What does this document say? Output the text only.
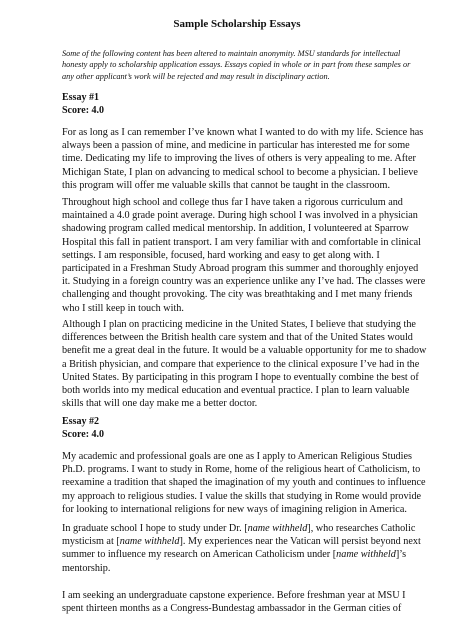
Sample Scholarship Essays
Some of the following content has been altered to maintain anonymity. MSU standards for intellectual
honesty apply to scholarship application essays. Essays copied in whole or in part from these samples or
any other applicant’s work will be rejected and may result in disciplinary action.
Essay #1
Score: 4.0
For as long as I can remember I’ve known what I wanted to do with my life. Science has
always been a passion of mine, and medicine in particular has interested me for some
time. Dedicating my life to improving the lives of others is very appealing to me. After
Michigan State, I plan on advancing to medical school to become a physician. I believe
this program will offer me valuable skills that cannot be taught in the classroom.
Throughout high school and college thus far I have taken a rigorous curriculum and
maintained a 4.0 grade point average. During high school I was involved in a physician
shadowing program called medical mentorship. In addition, I volunteered at Sparrow
Hospital this fall in patient transport. I am very familiar with and comfortable in clinical
settings. I am responsible, focused, hard working and easy to get along with. I
participated in a Freshman Study Abroad program this summer and thoroughly enjoyed
it. Studying in a foreign country was an experience unlike any I’ve had. The classes were
challenging and thought provoking. The city was breathtaking and I met many friends
who I still keep in touch with.
Although I plan on practicing medicine in the United States, I believe that studying the
differences between the British health care system and that of the United States would
benefit me a great deal in the future. It would be a valuable opportunity for me to shadow
a British physician, and compare that experience to the clinical exposure I’ve had in the
United States. By participating in this program I hope to eventually combine the best of
both worlds into my medical education and eventual practice. I plan to learn valuable
skills that will one day make me a better doctor.
Essay #2
Score: 4.0
My academic and professional goals are one as I apply to American Religious Studies
Ph.D. programs. I want to study in Rome, home of the religious heart of Catholicism, to
reexamine a tradition that shaped the imagination of my youth and continues to influence
my approach to religious studies. I value the skills that studying in Rome would provide
for looking to international religions for new ways of imagining religion in America.
In graduate school I hope to study under Dr. [name withheld], who researches Catholic
mysticism at [name withheld]. My experiences near the Vatican will persist beyond next
summer to influence my research on American Catholicism under [name withheld]’s
mentorship.
I am seeking an undergraduate capstone experience. Before freshman year at MSU I
spent thirteen months as a Congress-Bundestag ambassador in the German cities of
